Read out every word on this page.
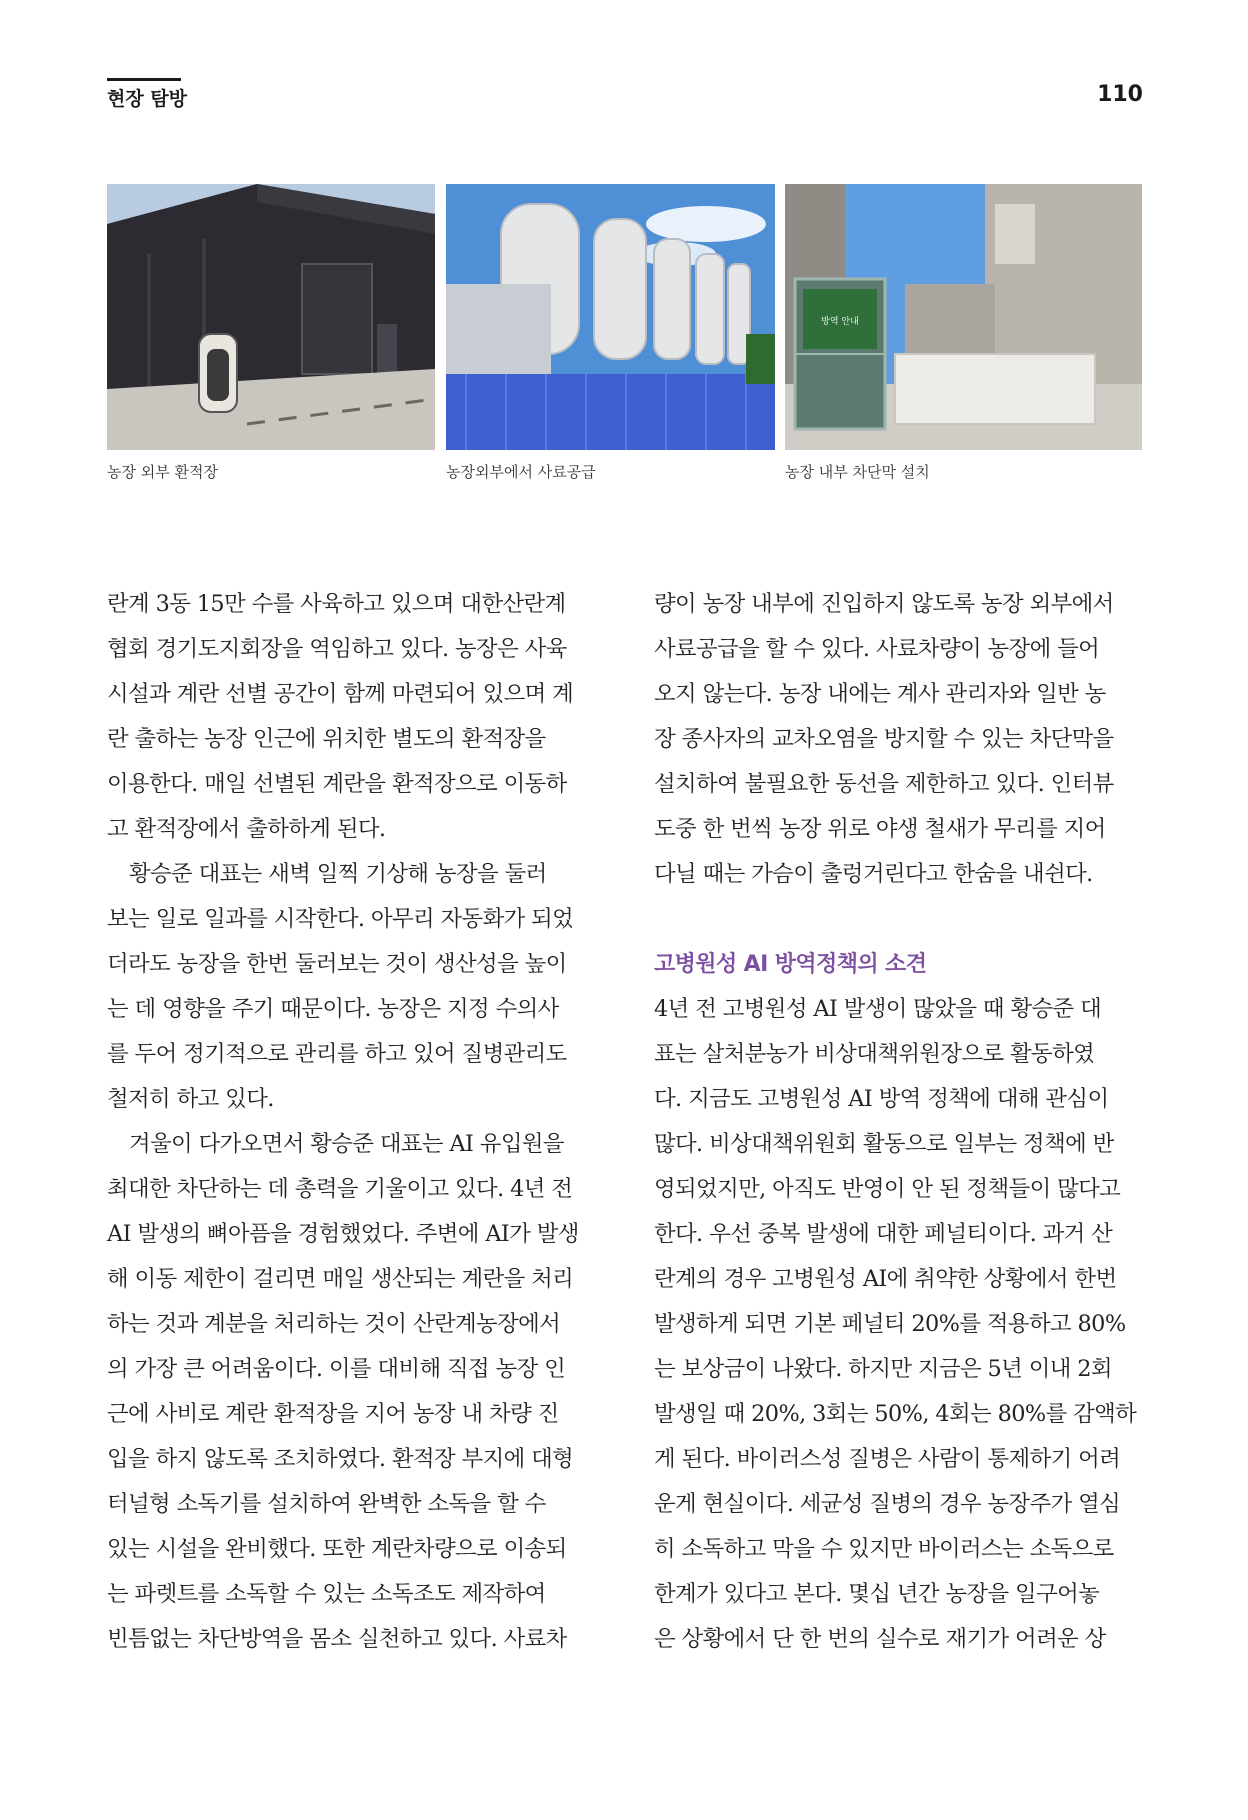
현장 탐방	110
방역 안내
농장 외부 환적장	농장외부에서 사료공급	농장 내부 차단막 설치
란계 3동 15만 수를 사육하고 있으며 대한산란계
협회 경기도지회장을 역임하고 있다. 농장은 사육
시설과 계란 선별 공간이 함께 마련되어 있으며 계
란 출하는 농장 인근에 위치한 별도의 환적장을
이용한다. 매일 선별된 계란을 환적장으로 이동하
고 환적장에서 출하하게 된다.
황승준 대표는 새벽 일찍 기상해 농장을 둘러
보는 일로 일과를 시작한다. 아무리 자동화가 되었
더라도 농장을 한번 둘러보는 것이 생산성을 높이
는 데 영향을 주기 때문이다. 농장은 지정 수의사
를 두어 정기적으로 관리를 하고 있어 질병관리도
철저히 하고 있다.
겨울이 다가오면서 황승준 대표는 AI 유입원을
최대한 차단하는 데 총력을 기울이고 있다. 4년 전
AI 발생의 뼈아픔을 경험했었다. 주변에 AI가 발생
해 이동 제한이 걸리면 매일 생산되는 계란을 처리
하는 것과 계분을 처리하는 것이 산란계농장에서
의 가장 큰 어려움이다. 이를 대비해 직접 농장 인
근에 사비로 계란 환적장을 지어 농장 내 차량 진
입을 하지 않도록 조치하였다. 환적장 부지에 대형
터널형 소독기를 설치하여 완벽한 소독을 할 수
있는 시설을 완비했다. 또한 계란차량으로 이송되
는 파렛트를 소독할 수 있는 소독조도 제작하여
빈틈없는 차단방역을 몸소 실천하고 있다. 사료차
량이 농장 내부에 진입하지 않도록 농장 외부에서
사료공급을 할 수 있다. 사료차량이 농장에 들어
오지 않는다. 농장 내에는 계사 관리자와 일반 농
장 종사자의 교차오염을 방지할 수 있는 차단막을
설치하여 불필요한 동선을 제한하고 있다. 인터뷰
도중 한 번씩 농장 위로 야생 철새가 무리를 지어
다닐 때는 가슴이 출렁거린다고 한숨을 내쉰다.
고병원성 AI 방역정책의 소견
4년 전 고병원성 AI 발생이 많았을 때 황승준 대
표는 살처분농가 비상대책위원장으로 활동하였
다. 지금도 고병원성 AI 방역 정책에 대해 관심이
많다. 비상대책위원회 활동으로 일부는 정책에 반
영되었지만, 아직도 반영이 안 된 정책들이 많다고
한다. 우선 중복 발생에 대한 페널티이다. 과거 산
란계의 경우 고병원성 AI에 취약한 상황에서 한번
발생하게 되면 기본 페널티 20%를 적용하고 80%
는 보상금이 나왔다. 하지만 지금은 5년 이내 2회
발생일 때 20%, 3회는 50%, 4회는 80%를 감액하
게 된다. 바이러스성 질병은 사람이 통제하기 어려
운게 현실이다. 세균성 질병의 경우 농장주가 열심
히 소독하고 막을 수 있지만 바이러스는 소독으로
한계가 있다고 본다. 몇십 년간 농장을 일구어놓
은 상황에서 단 한 번의 실수로 재기가 어려운 상
